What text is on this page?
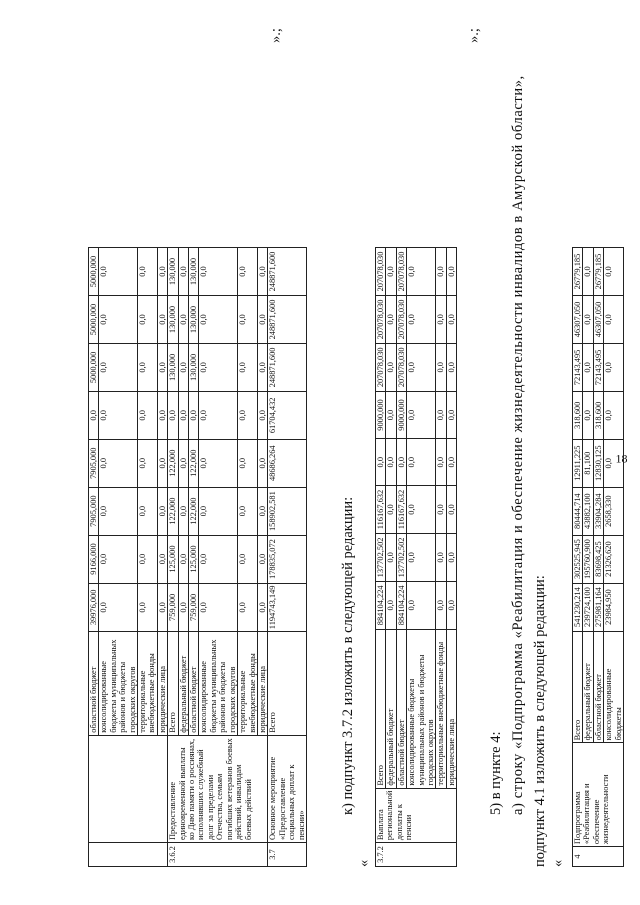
18
		областной бюджет	39976,000	9166,000	7905,000	7905,000	0,0	5000,000	5000,000	5000,000
		консолидированные бюджеты муниципальных районов и бюджеты городских округов	0,0	0,0	0,0	0,0	0,0	0,0	0,0	0,0
		территориальные внебюджетные фонды	0,0	0,0	0,0	0,0	0,0	0,0	0,0	0,0
		юридические лица	0,0	0,0	0,0	0,0	0,0	0,0	0,0	0,0
3.6.2	Предоставление единовременной выплаты ко Дню памяти о россиянах, исполнявших служебный долг за пределами Отечества, семьям погибших ветеранов боевых действий, инвалидам боевых действий	Всего	759,000	125,000	122,000	122,000	0,0	130,000	130,000	130,000
		федеральный бюджет	0,0	0,0	0,0	0,0	0,0	0,0	0,0	0,0
		областной бюджет	759,000	125,000	122,000	122,000	0,0	130,000	130,000	130,000
		консолидированные бюджеты муниципальных районов и бюджеты городских округов	0,0	0,0	0,0	0,0	0,0	0,0	0,0	0,0
		территориальные внебюджетные фонды	0,0	0,0	0,0	0,0	0,0	0,0	0,0	0,0
		юридические лица	0,0	0,0	0,0	0,0	0,0	0,0	0,0	0,0
3.7	Основное мероприятие «Предоставление социальных доплат к пенсии»	Всего	1194743,149	178835,072	158902,581	48686,264	61704,432	248871,600	248871,600	248871,600
».;
к) подпункт 3.7.2 изложить в следующей редакции:
«
3.7.2	Выплата региональной доплаты к пенсии	Всего	884104,224	137702,502	116167,632	0,0	9000,000	207078,030	207078,030	207078,030
		федеральный бюджет	0,0	0,0	0,0	0,0	0,0	0,0	0,0	0,0
		областной бюджет	884104,224	137702,502	116167,632	0,0	9000,000	207078,030	207078,030	207078,030
		консолидированные бюджеты муниципальных районов и бюджеты городских округов	0,0	0,0	0,0	0,0	0,0	0,0	0,0	0,0
		территориальные внебюджетные фонды	0,0	0,0	0,0	0,0	0,0	0,0	0,0	0,0
		юридические лица	0,0	0,0	0,0	0,0	0,0	0,0	0,0	0,0
».;
5) в пункте 4: а) строку «Подпрограмма «Реабилитация и обеспечение жизнедеятельности инвалидов в Амурской области», подпункт 4.1 изложить в следующей редакции: «
4	Подпрограмма «Реабилитация и обеспечение жизнедеятельности	Всего	541230,214	302525,945	80444,714	12911,225	318,600	72143,495	46307,050	26779,185
		федеральный бюджет	239724,100	195760,900	43882,100	81,100	0,0	0,0	0,0	0,0
		областной бюджет	275981,164	83698,425	33904,284	12830,125	318,600	72143,495	46307,050	26779,185
		консолидированные бюджеты	23984,950	21326,620	2658,330	0,0	0,0	0,0	0,0	0,0
